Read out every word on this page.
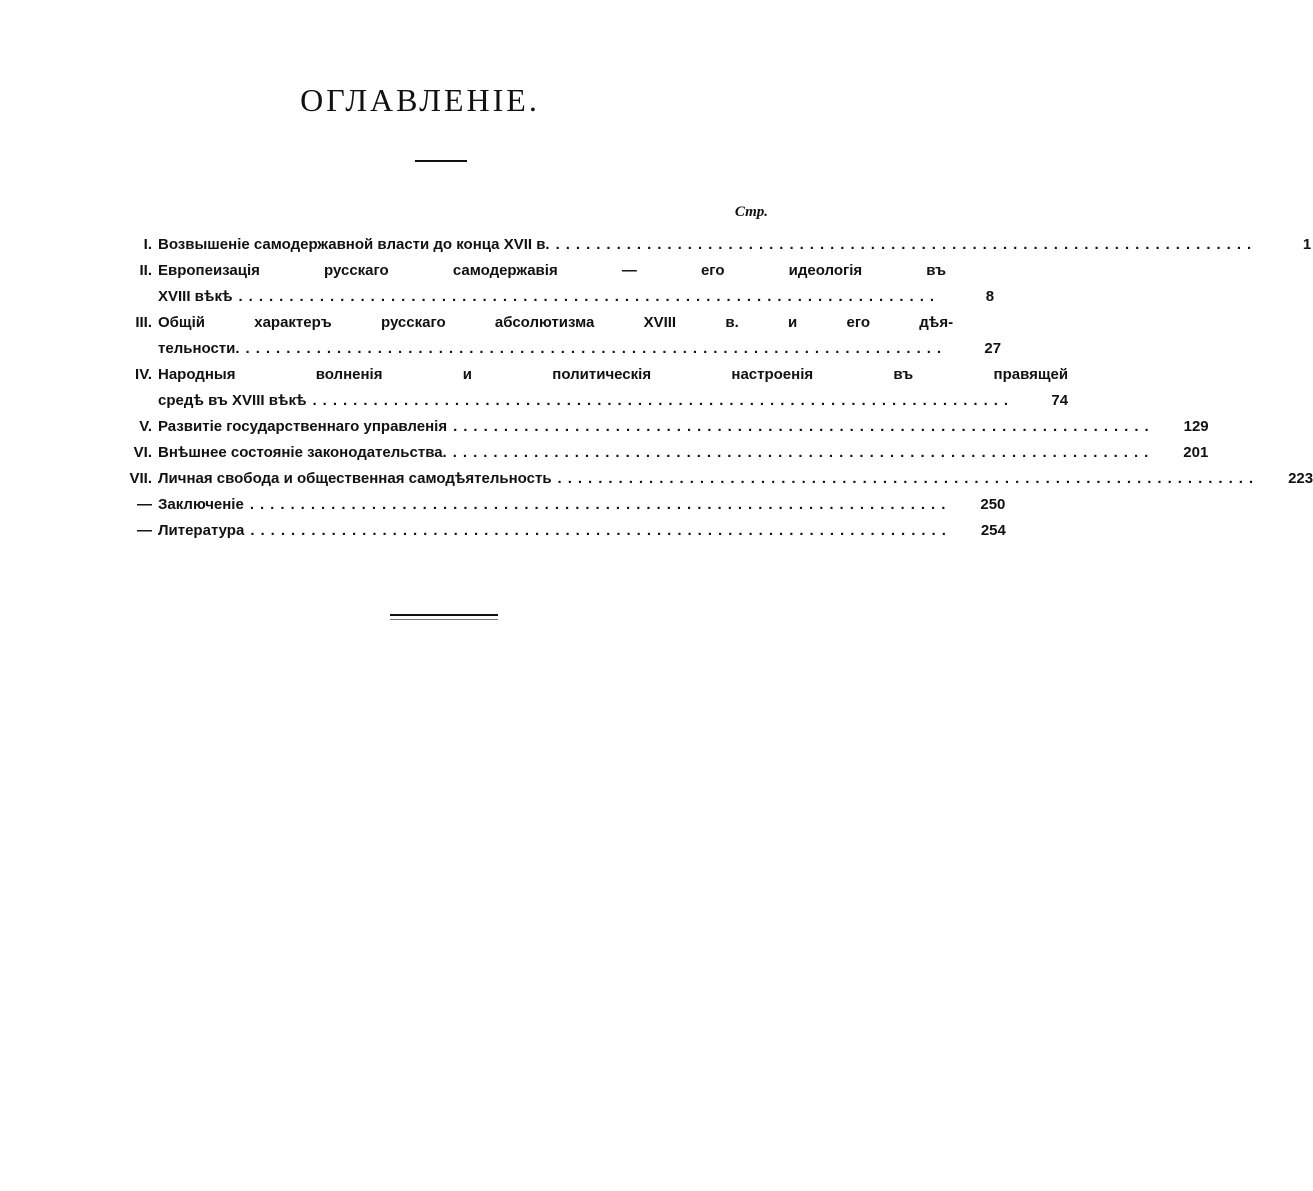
ОГЛАВЛЕНІЕ.
Стр.
I. Возвышеніе самодержавной власти до конца XVII в. .....................................................................	1
II. Европеизація русскаго самодержавія — его идеологія въ
XVIII вѣкѣ .....................................................................	8
III. Общій характеръ русскаго абсолютизма XVIII в. и его дѣя-
тельности. .....................................................................	27
IV. Народныя волненія и политическія настроенія въ правящей
средѣ въ XVIII вѣкѣ .....................................................................	74
V. Развитіе государственнаго управленія .....................................................................	129
VI. Внѣшнее состояніе законодательства. .....................................................................	201
VII. Личная свобода и общественная самодѣятельность .....................................................................	223
— Заключеніе .....................................................................	250
— Литература .....................................................................	254
